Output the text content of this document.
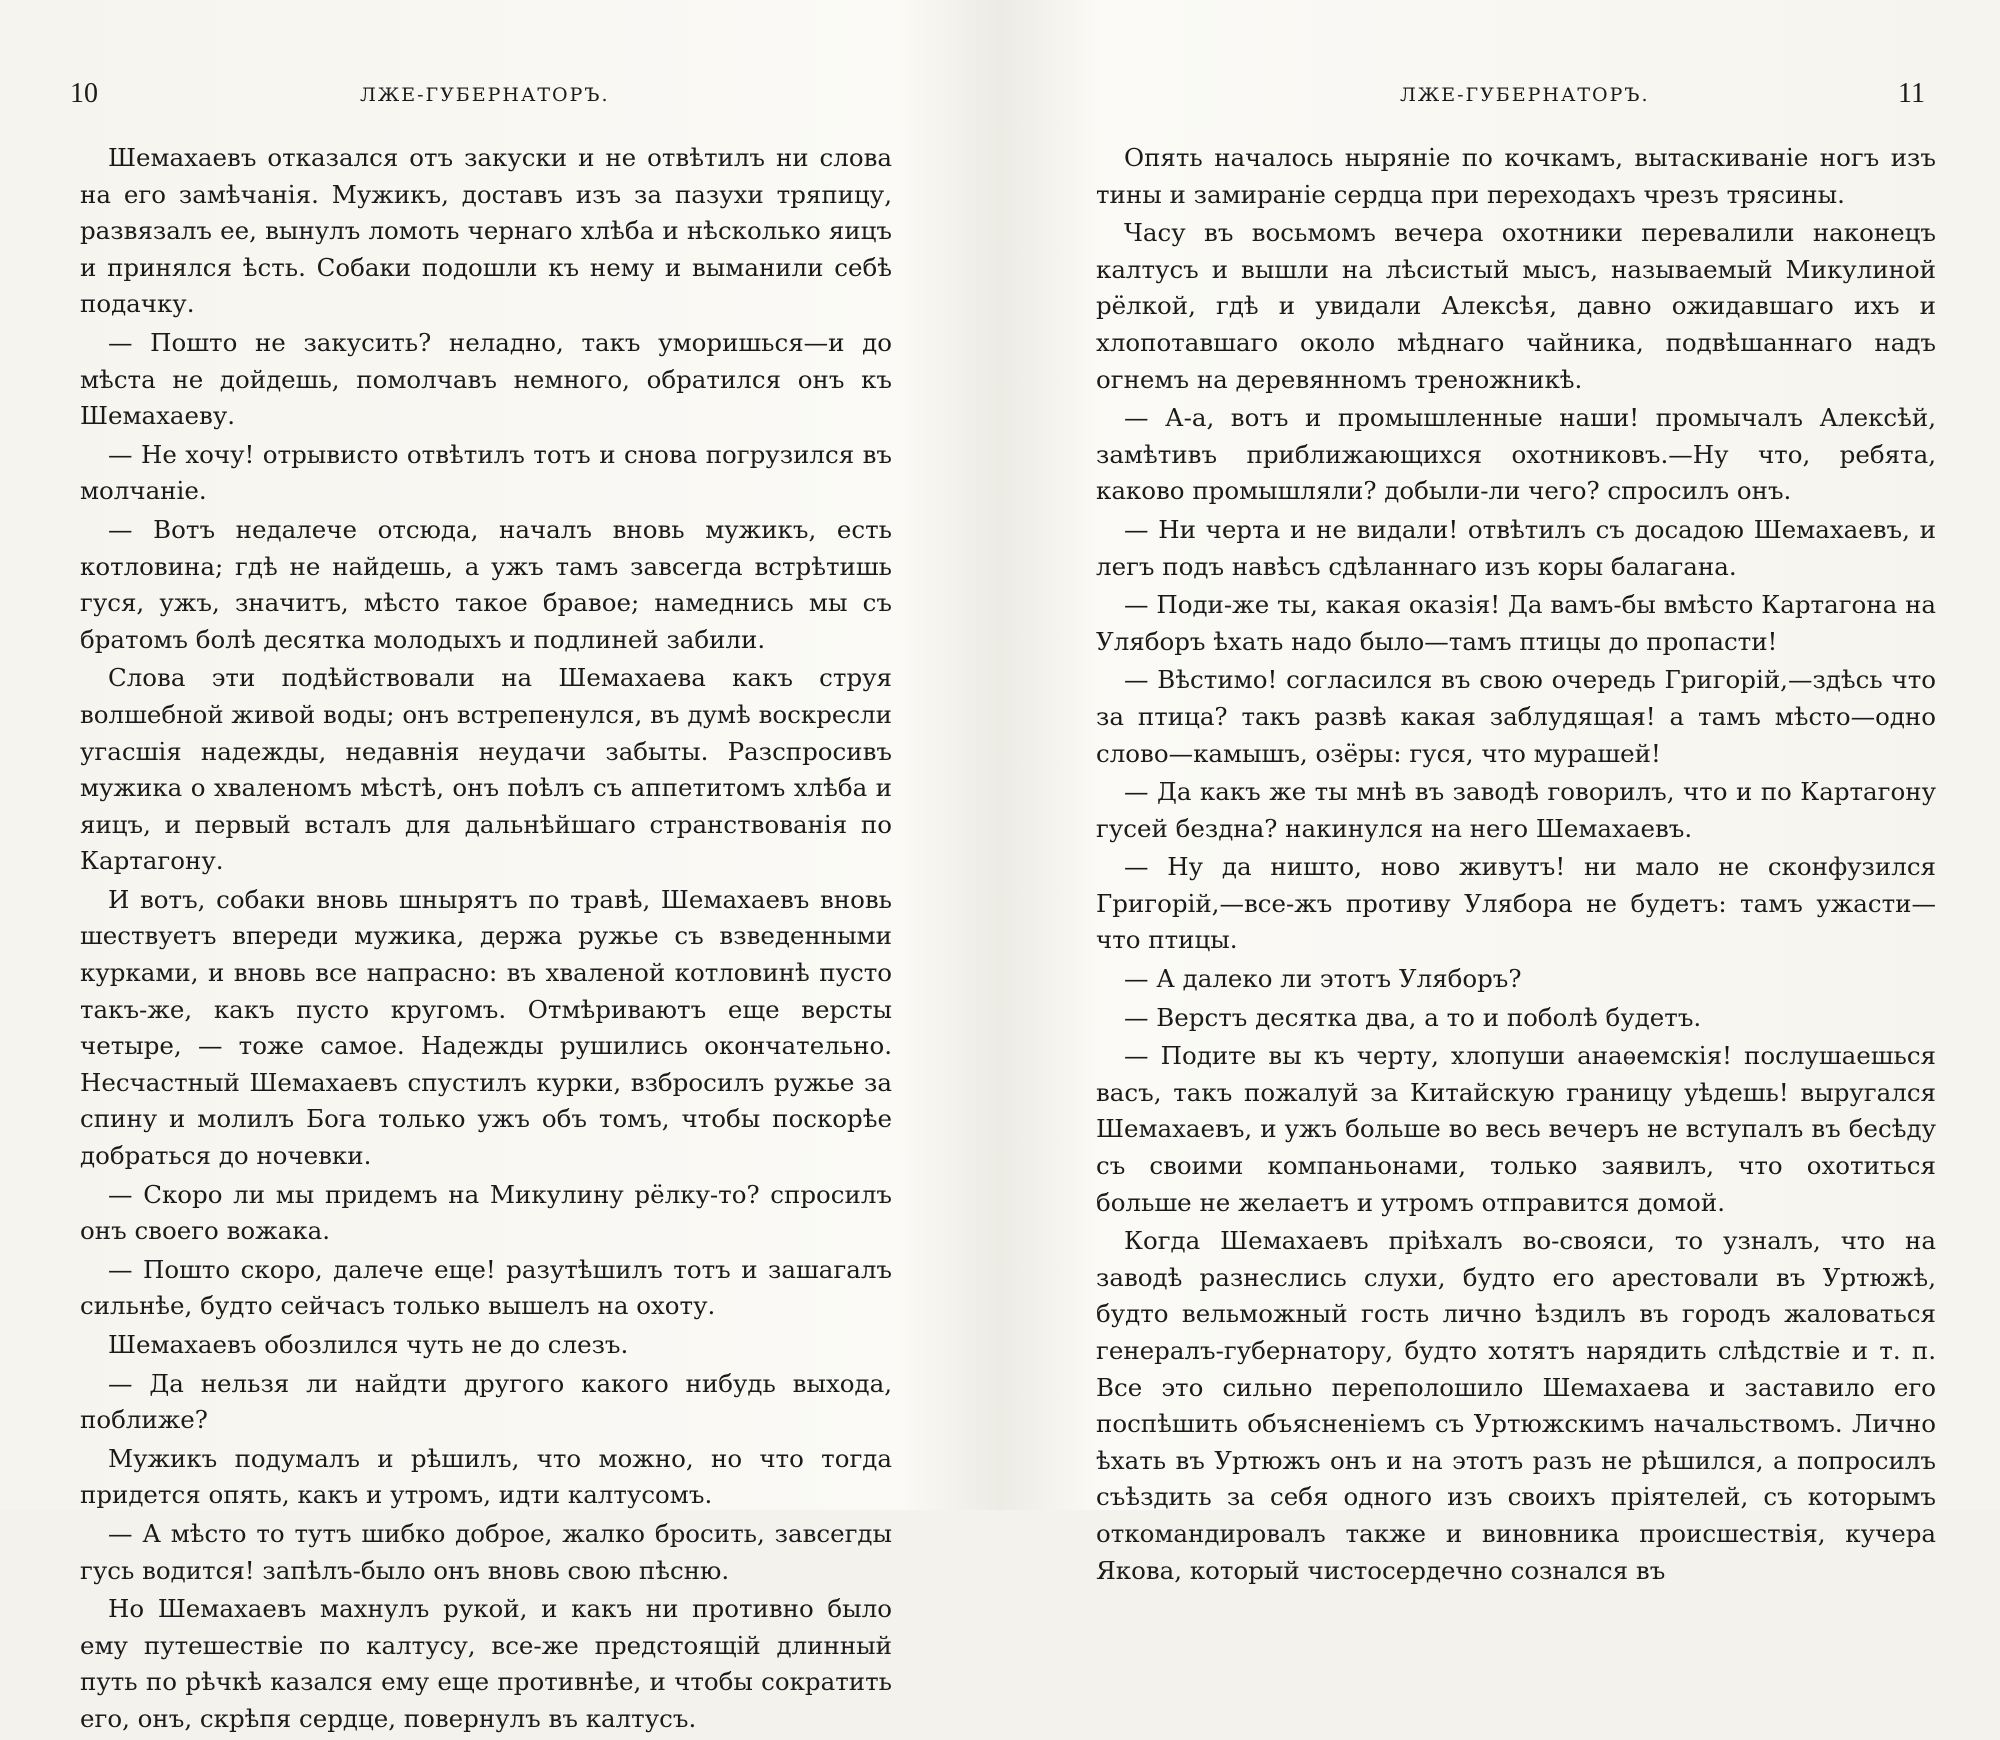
10	ЛЖЕ-ГУБЕРНАТОРЪ.

Шемахаевъ отказался отъ закуски и не отвѣтилъ ни слова на его замѣчанія. Мужикъ, доставъ изъ за пазухи тряпицу, развязалъ ее, вынулъ ломоть чернаго хлѣба и нѣсколько яицъ и принялся ѣсть. Собаки подошли къ нему и выманили себѣ подачку.

— Пошто не закусить? неладно, такъ уморишься—и до мѣста не дойдешь, помолчавъ немного, обратился онъ къ Шемахаеву.

— Не хочу! отрывисто отвѣтилъ тотъ и снова погрузился въ молчаніе.

— Вотъ недалече отсюда, началъ вновь мужикъ, есть котловина; гдѣ не найдешь, а ужъ тамъ завсегда встрѣтишь гуся, ужъ, значитъ, мѣсто такое бравое; намеднись мы съ братомъ болѣ десятка молодыхъ и подлиней забили.

Слова эти подѣйствовали на Шемахаева какъ струя волшебной живой воды; онъ встрепенулся, въ думѣ воскресли угасшія надежды, недавнія неудачи забыты. Разспросивъ мужика о хваленомъ мѣстѣ, онъ поѣлъ съ аппетитомъ хлѣба и яицъ, и первый всталъ для дальнѣйшаго странствованія по Картагону.

И вотъ, собаки вновь шнырятъ по травѣ, Шемахаевъ вновь шествуетъ впереди мужика, держа ружье съ взведенными курками, и вновь все напрасно: въ хваленой котловинѣ пусто такъ-же, какъ пусто кругомъ. Отмѣриваютъ еще версты четыре, — тоже самое. Надежды рушились окончательно. Несчастный Шемахаевъ спустилъ курки, взбросилъ ружье за спину и молилъ Бога только ужъ объ томъ, чтобы поскорѣе добраться до ночевки.

— Скоро ли мы придемъ на Микулину рёлку-то? спросилъ онъ своего вожака.

— Пошто скоро, далече еще! разутѣшилъ тотъ и зашагалъ сильнѣе, будто сейчасъ только вышелъ на охоту.

Шемахаевъ обозлился чуть не до слезъ.

— Да нельзя ли найдти другого какого нибудь выхода, поближе?

Мужикъ подумалъ и рѣшилъ, что можно, но что тогда придется опять, какъ и утромъ, идти калтусомъ.

— А мѣсто то тутъ шибко доброе, жалко бросить, завсегды гусь водится! запѣлъ-было онъ вновь свою пѣсню.

Но Шемахаевъ махнулъ рукой, и какъ ни противно было ему путешествіе по калтусу, все-же предстоящій длинный путь по рѣчкѣ казался ему еще противнѣе, и чтобы сократить его, онъ, скрѣпя сердце, повернулъ въ калтусъ.

ЛЖЕ-ГУБЕРНАТОРЪ.	11

Опять началось ныряніе по кочкамъ, вытаскиваніе ногъ изъ тины и замираніе сердца при переходахъ чрезъ трясины.

Часу въ восьмомъ вечера охотники перевалили наконецъ калтусъ и вышли на лѣсистый мысъ, называемый Микулиной рёлкой, гдѣ и увидали Алексѣя, давно ожидавшаго ихъ и хлопотавшаго около мѣднаго чайника, подвѣшаннаго надъ огнемъ на деревянномъ треножникѣ.

— А-а, вотъ и промышленные наши! промычалъ Алексѣй, замѣтивъ приближающихся охотниковъ.—Ну что, ребята, каково промышляли? добыли-ли чего? спросилъ онъ.

— Ни черта и не видали! отвѣтилъ съ досадою Шемахаевъ, и легъ подъ навѣсъ сдѣланнаго изъ коры балагана.

— Поди-же ты, какая оказія! Да вамъ-бы вмѣсто Картагона на Уляборъ ѣхать надо было—тамъ птицы до пропасти!

— Вѣстимо! согласился въ свою очередь Григорій,—здѣсь что за птица? такъ развѣ какая заблудящая! а тамъ мѣсто—одно слово—камышъ, озёры: гуся, что мурашей!

— Да какъ же ты мнѣ въ заводѣ говорилъ, что и по Картагону гусей бездна? накинулся на него Шемахаевъ.

— Ну да ништо, ново живутъ! ни мало не сконфузился Григорій,—все-жъ противу Улябора не будетъ: тамъ ужасти—что птицы.

— А далеко ли этотъ Уляборъ?

— Верстъ десятка два, а то и поболѣ будетъ.

— Подите вы къ черту, хлопуши анаѳемскія! послушаешься васъ, такъ пожалуй за Китайскую границу уѣдешь! выругался Шемахаевъ, и ужъ больше во весь вечеръ не вступалъ въ бесѣду съ своими компаньонами, только заявилъ, что охотиться больше не желаетъ и утромъ отправится домой.

Когда Шемахаевъ пріѣхалъ во-свояси, то узналъ, что на заводѣ разнеслись слухи, будто его арестовали въ Уртюжѣ, будто вельможный гость лично ѣздилъ въ городъ жаловаться генералъ-губернатору, будто хотятъ нарядить слѣдствіе и т. п. Все это сильно переполошило Шемахаева и заставило его поспѣшить объясненіемъ съ Уртюжскимъ начальствомъ. Лично ѣхать въ Уртюжъ онъ и на этотъ разъ не рѣшился, а попросилъ съѣздить за себя одного изъ своихъ пріятелей, съ которымъ откомандировалъ также и виновника происшествія, кучера Якова, который чистосердечно сознался въ
